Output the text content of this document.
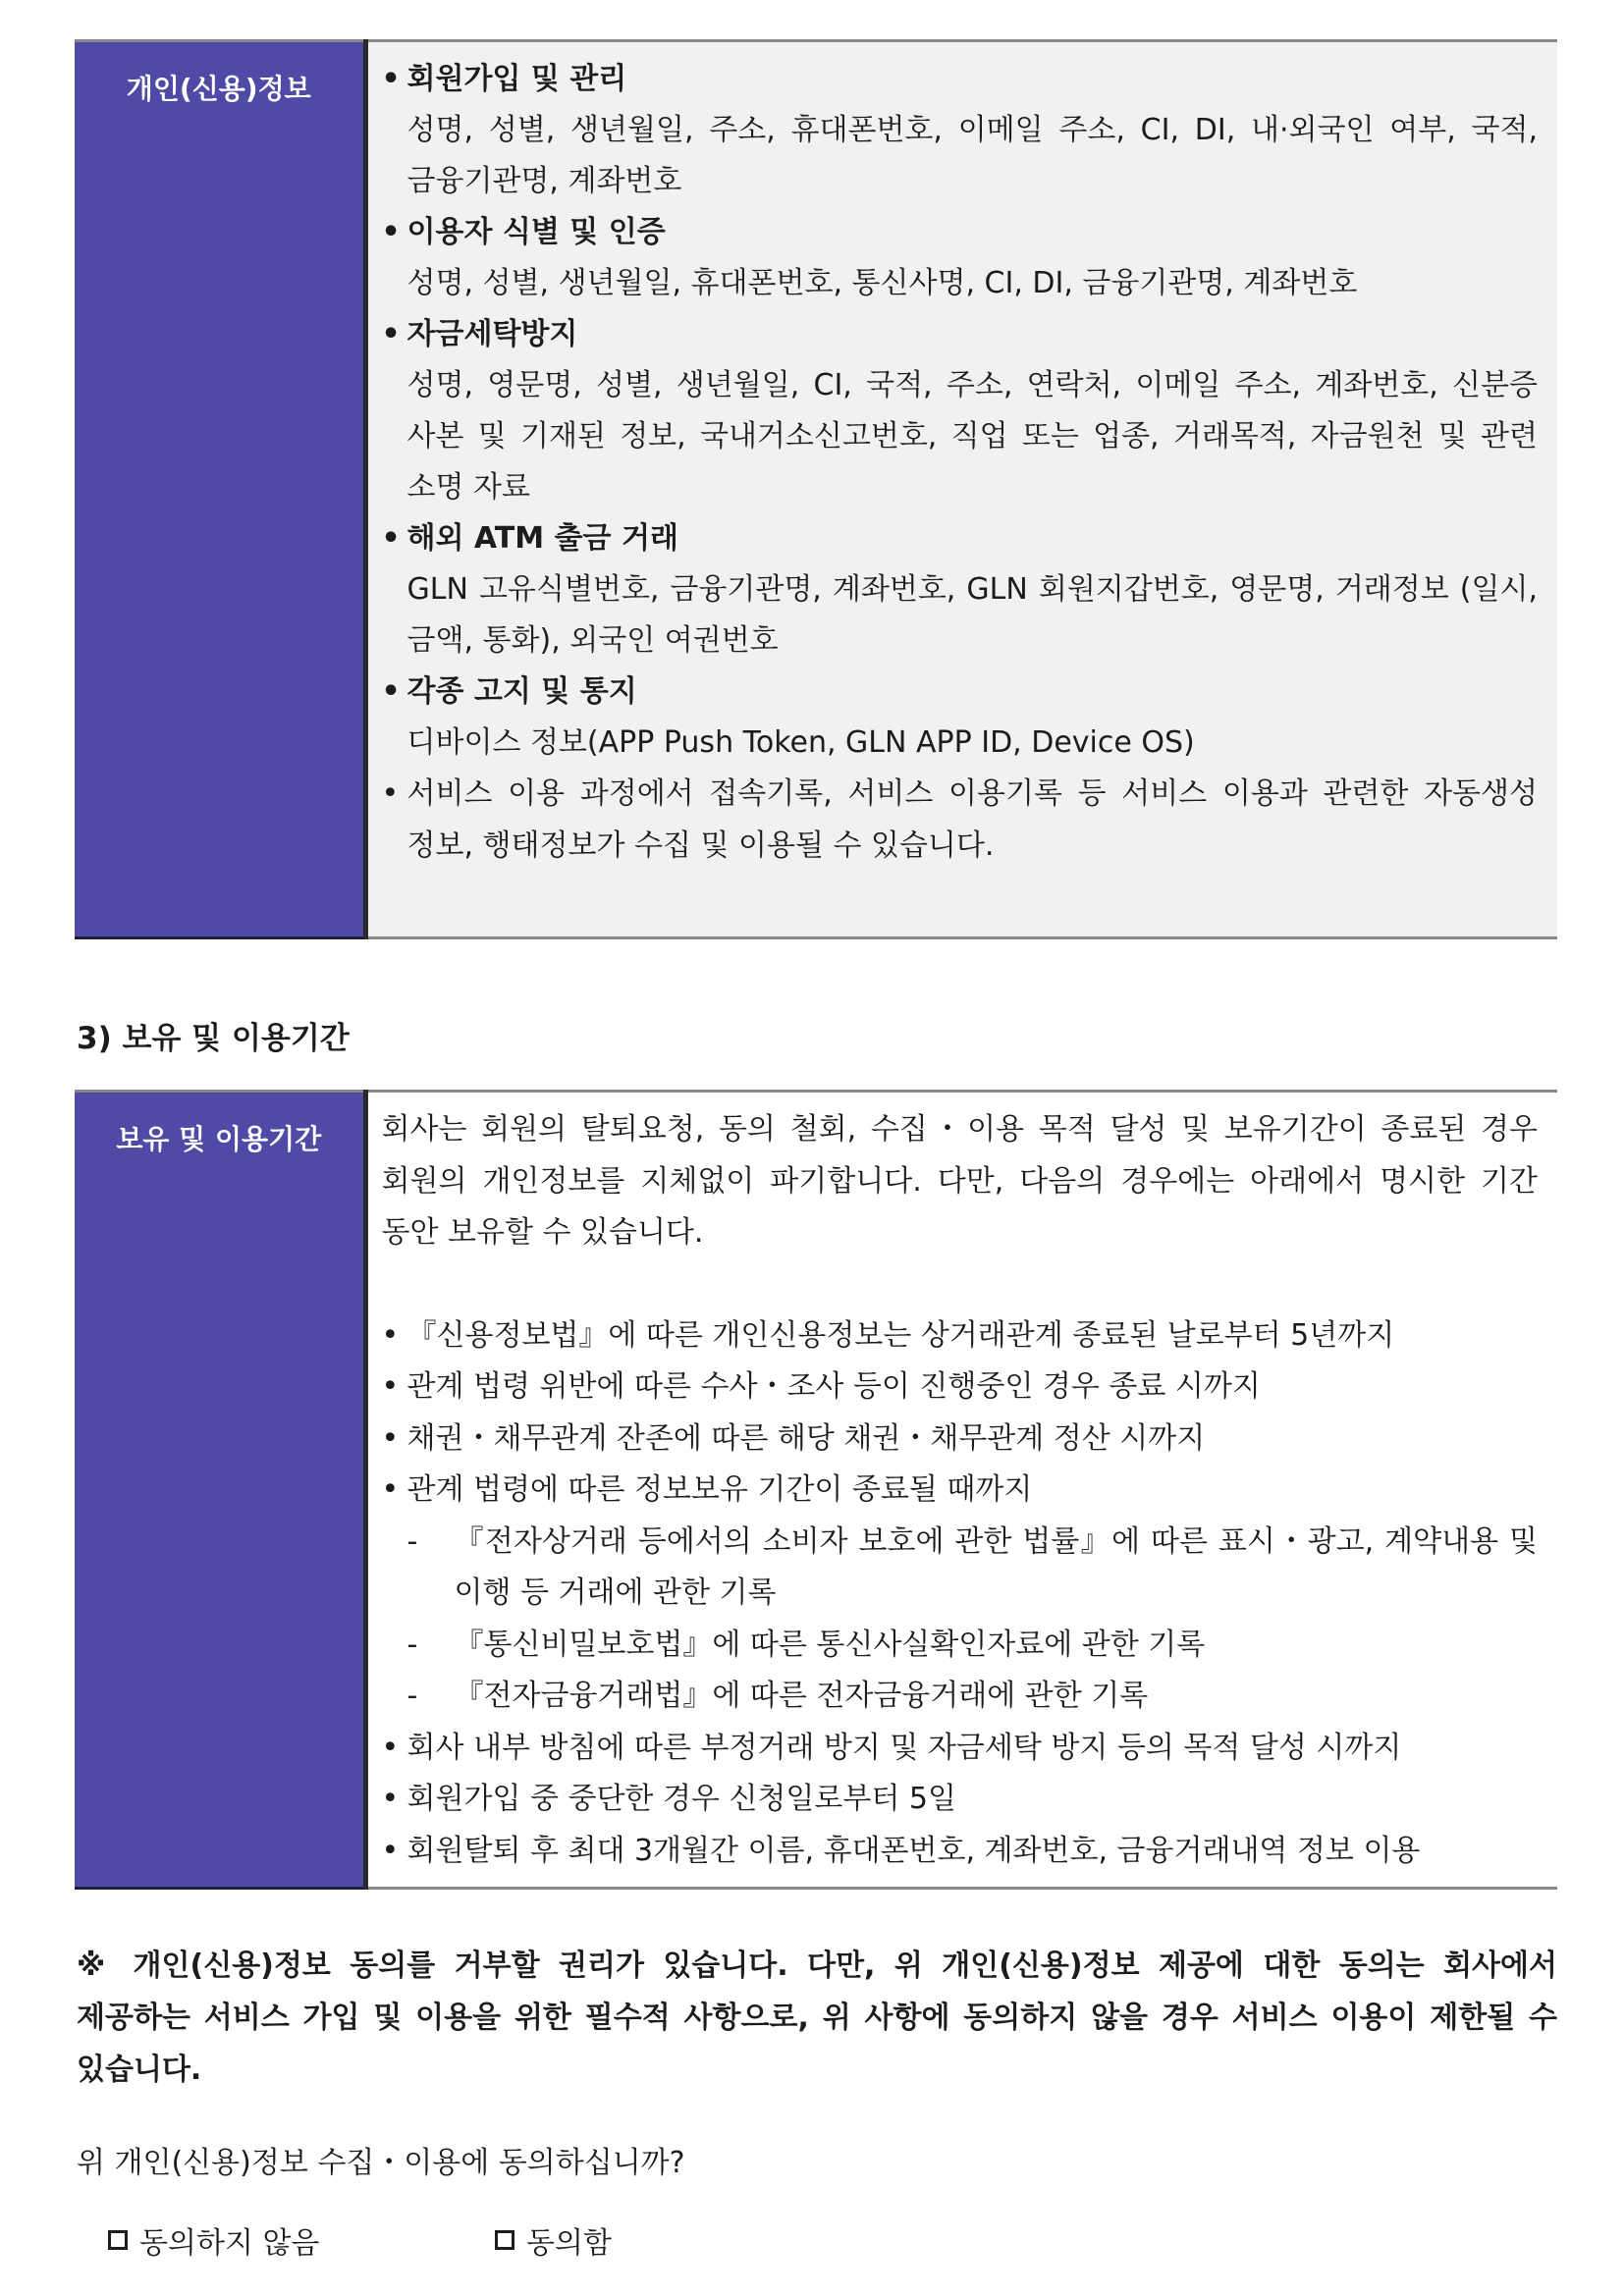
개인(신용)정보	• 회원가입 및 관리
성명, 성별, 생년월일, 주소, 휴대폰번호, 이메일 주소, CI, DI, 내·외국인 여부, 국적, 금융기관명, 계좌번호
• 이용자 식별 및 인증
성명, 성별, 생년월일, 휴대폰번호, 통신사명, CI, DI, 금융기관명, 계좌번호
• 자금세탁방지
성명, 영문명, 성별, 생년월일, CI, 국적, 주소, 연락처, 이메일 주소, 계좌번호, 신분증 사본 및 기재된 정보, 국내거소신고번호, 직업 또는 업종, 거래목적, 자금원천 및 관련 소명 자료
• 해외 ATM 출금 거래
GLN 고유식별번호, 금융기관명, 계좌번호, GLN 회원지갑번호, 영문명, 거래정보 (일시, 금액, 통화), 외국인 여권번호
• 각종 고지 및 통지
디바이스 정보(APP Push Token, GLN APP ID, Device OS)
• 서비스 이용 과정에서 접속기록, 서비스 이용기록 등 서비스 이용과 관련한 자동생성 정보, 행태정보가 수집 및 이용될 수 있습니다.
3) 보유 및 이용기간
보유 및 이용기간	회사는 회원의 탈퇴요청, 동의 철회, 수집・이용 목적 달성 및 보유기간이 종료된 경우 회원의 개인정보를 지체없이 파기합니다. 다만, 다음의 경우에는 아래에서 명시한 기간 동안 보유할 수 있습니다.
• 『신용정보법』에 따른 개인신용정보는 상거래관계 종료된 날로부터 5년까지
• 관계 법령 위반에 따른 수사・조사 등이 진행중인 경우 종료 시까지
• 채권・채무관계 잔존에 따른 해당 채권・채무관계 정산 시까지
• 관계 법령에 따른 정보보유 기간이 종료될 때까지
-	『전자상거래 등에서의 소비자 보호에 관한 법률』에 따른 표시・광고, 계약내용 및 이행 등 거래에 관한 기록
-	『통신비밀보호법』에 따른 통신사실확인자료에 관한 기록
-	『전자금융거래법』에 따른 전자금융거래에 관한 기록
• 회사 내부 방침에 따른 부정거래 방지 및 자금세탁 방지 등의 목적 달성 시까지
• 회원가입 중 중단한 경우 신청일로부터 5일
• 회원탈퇴 후 최대 3개월간 이름, 휴대폰번호, 계좌번호, 금융거래내역 정보 이용
※ 개인(신용)정보 동의를 거부할 권리가 있습니다. 다만, 위 개인(신용)정보 제공에 대한 동의는 회사에서 제공하는 서비스 가입 및 이용을 위한 필수적 사항으로, 위 사항에 동의하지 않을 경우 서비스 이용이 제한될 수 있습니다.
위 개인(신용)정보 수집・이용에 동의하십니까?
동의하지 않음	동의함
